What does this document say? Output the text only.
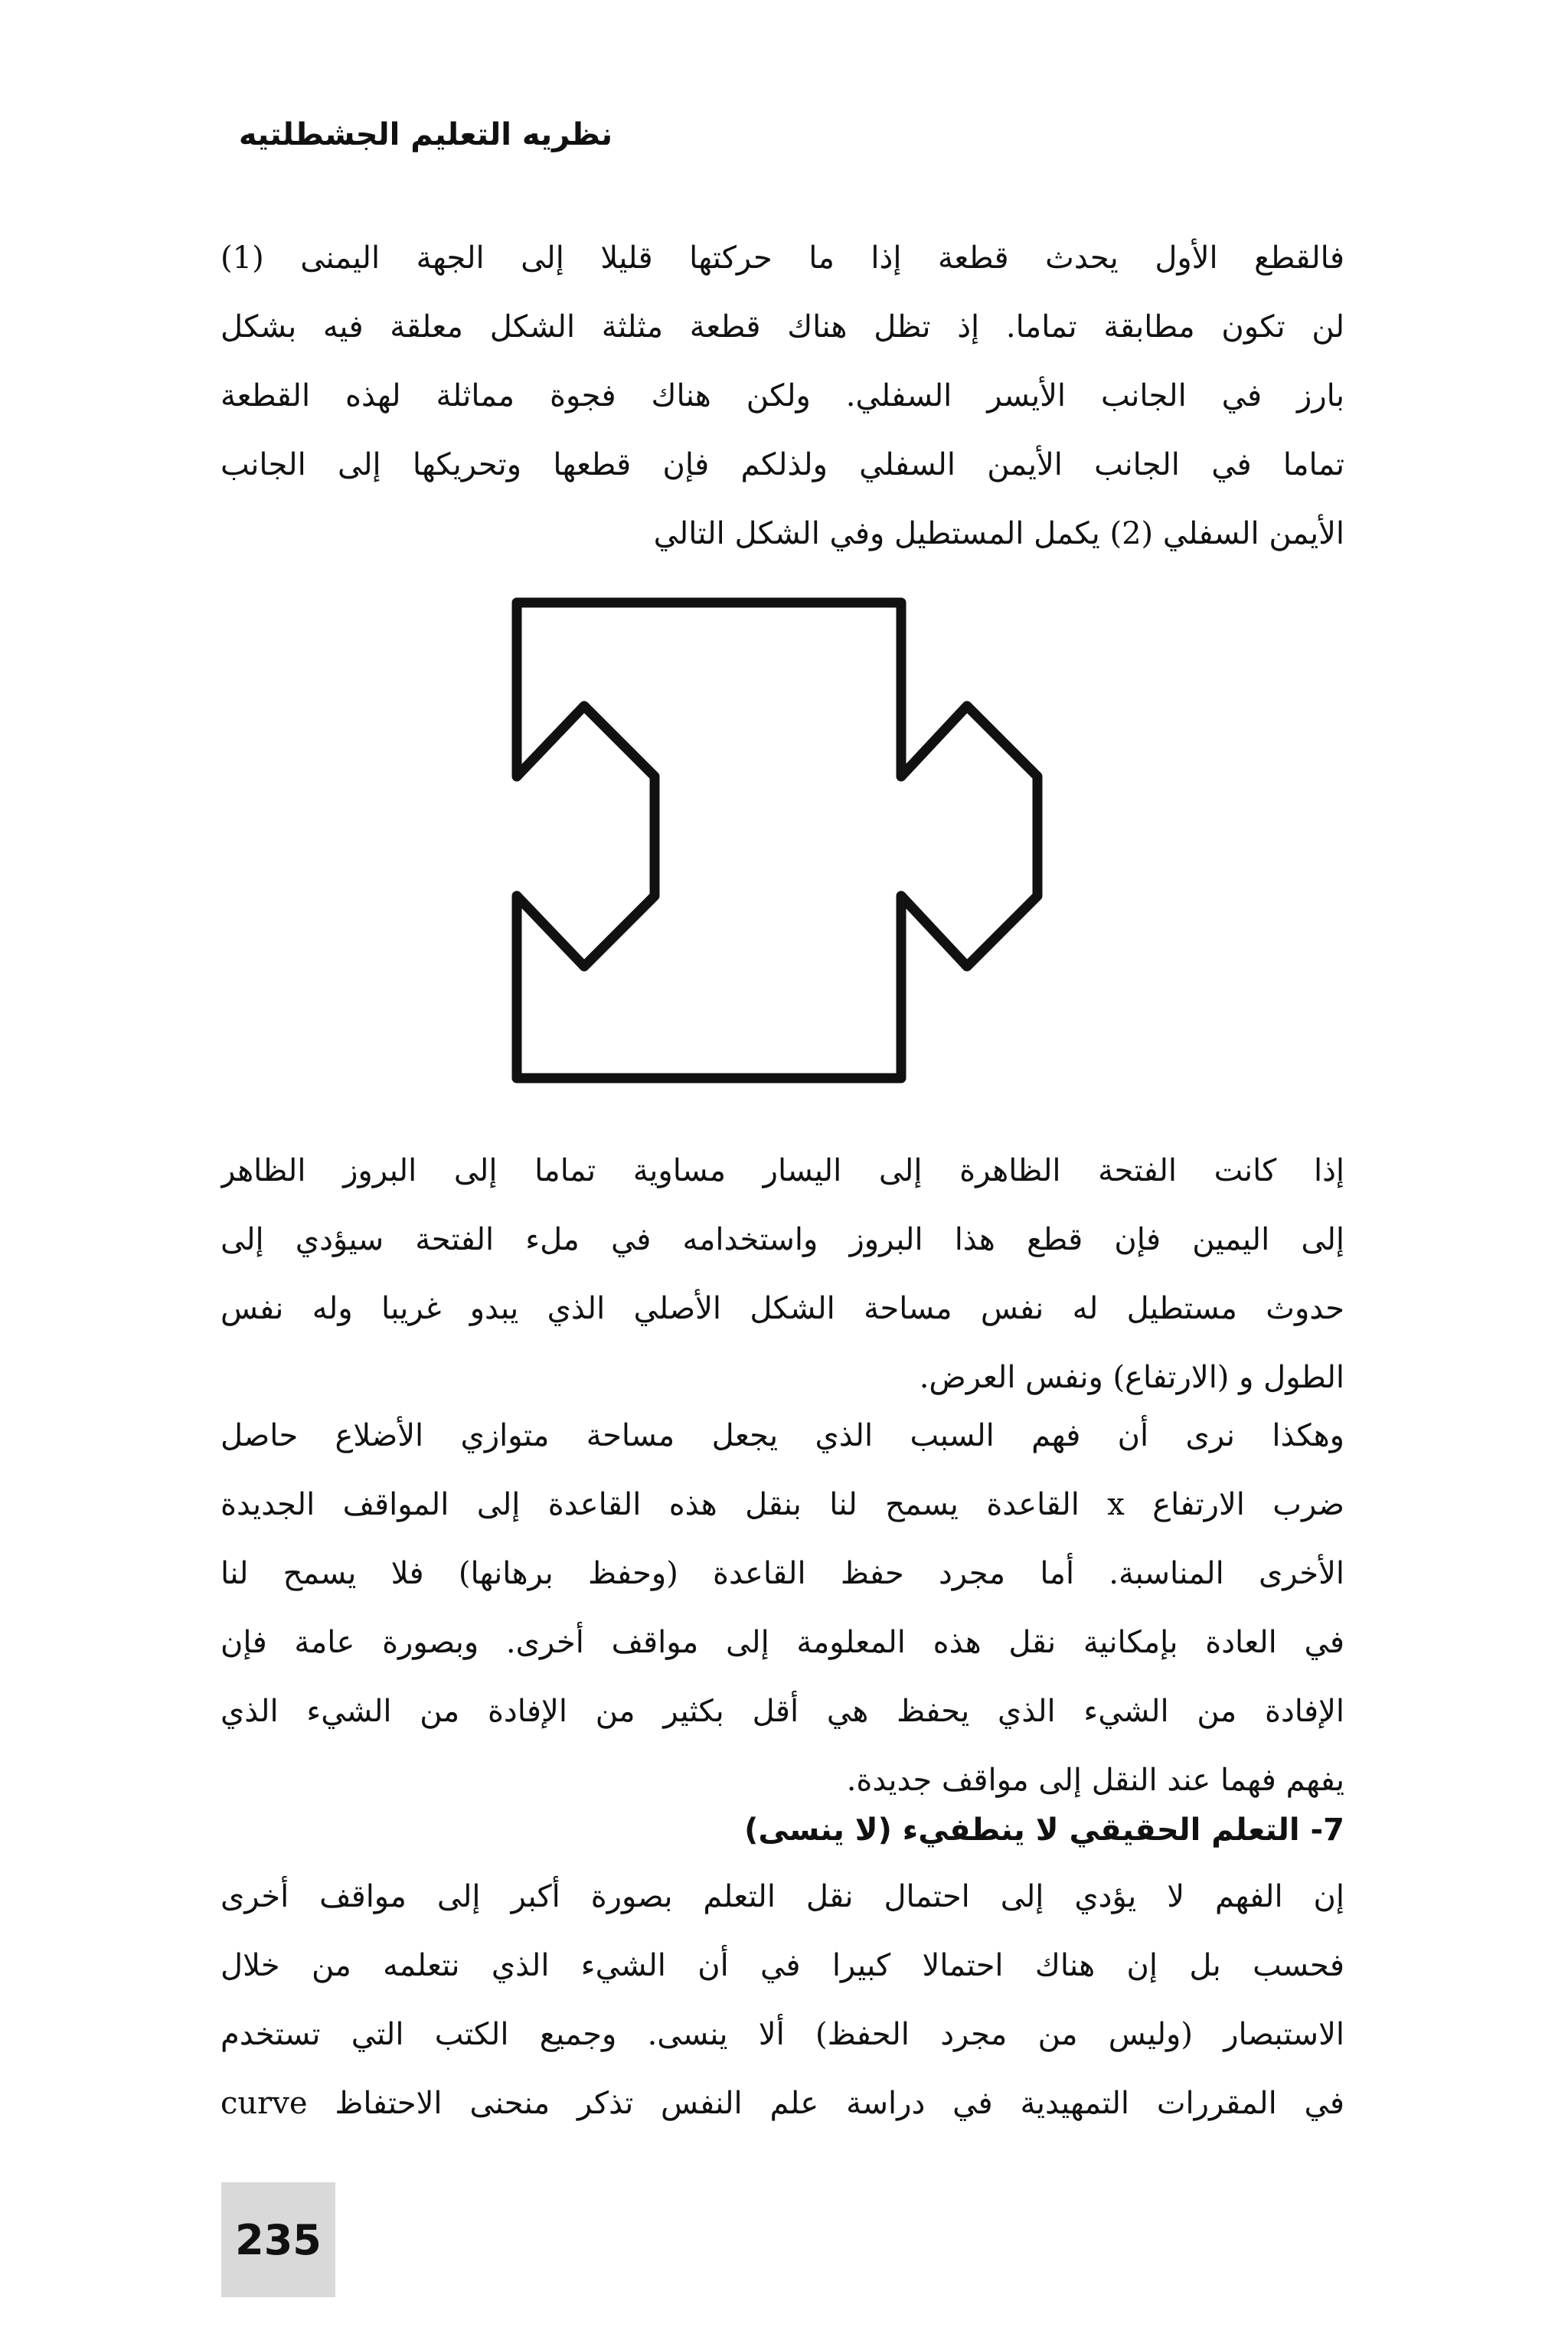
نظريه التعليم الجشطلتيه
فالقطع الأول يحدث قطعة إذا ما حركتها قليلا إلى الجهة اليمنى (1)
لن تكون مطابقة تماما. إذ تظل هناك قطعة مثلثة الشكل معلقة فيه بشكل
بارز في الجانب الأيسر السفلي. ولكن هناك فجوة مماثلة لهذه القطعة
تماما في الجانب الأيمن السفلي ولذلكم فإن قطعها وتحريكها إلى الجانب
الأيمن السفلي (2) يكمل المستطيل وفي الشكل التالي
إذا كانت الفتحة الظاهرة إلى اليسار مساوية تماما إلى البروز الظاهر
إلى اليمين فإن قطع هذا البروز واستخدامه في ملء الفتحة سيؤدي إلى
حدوث مستطيل له نفس مساحة الشكل الأصلي الذي يبدو غريبا وله نفس
الطول و (الارتفاع) ونفس العرض.
وهكذا نرى أن فهم السبب الذي يجعل مساحة متوازي الأضلاع حاصل
ضرب الارتفاع x القاعدة يسمح لنا بنقل هذه القاعدة إلى المواقف الجديدة
الأخرى المناسبة. أما مجرد حفظ القاعدة (وحفظ برهانها) فلا يسمح لنا
في العادة بإمكانية نقل هذه المعلومة إلى مواقف أخرى. وبصورة عامة فإن
الإفادة من الشيء الذي يحفظ هي أقل بكثير من الإفادة من الشيء الذي
يفهم فهما عند النقل إلى مواقف جديدة.
7- التعلم الحقيقي لا ينطفيء (لا ينسى)
إن الفهم لا يؤدي إلى احتمال نقل التعلم بصورة أكبر إلى مواقف أخرى
فحسب بل إن هناك احتمالا كبيرا في أن الشيء الذي نتعلمه من خلال
الاستبصار (وليس من مجرد الحفظ) ألا ينسى. وجميع الكتب التي تستخدم
في المقررات التمهيدية في دراسة علم النفس تذكر منحنى الاحتفاظ curve
235
